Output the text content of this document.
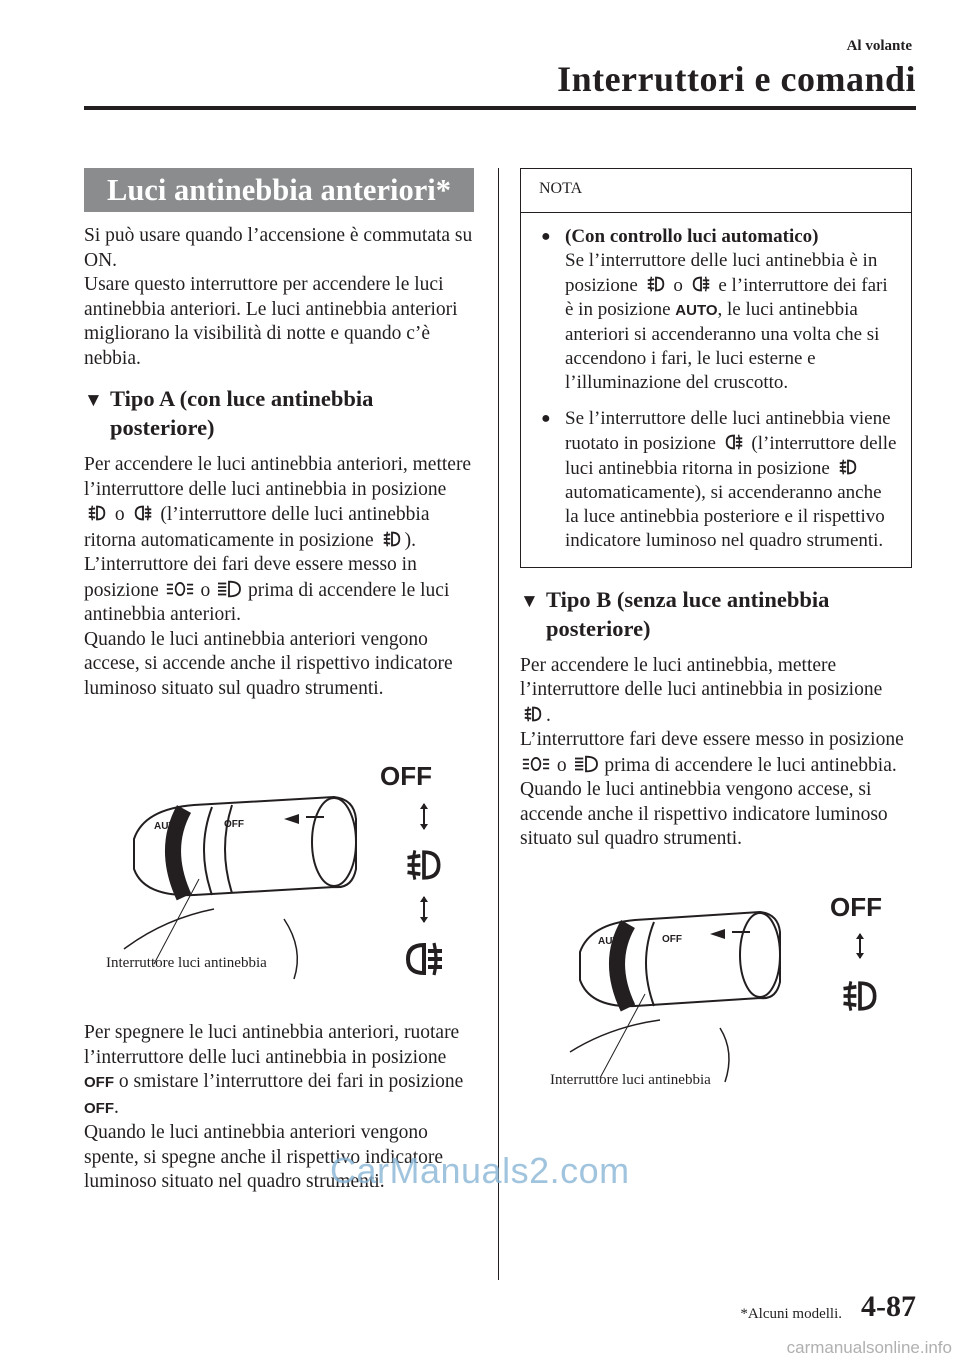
Al volante
Interruttori e comandi
Luci antinebbia anteriori*

Si può usare quando l’accensione è commutata su ON.
Usare questo interruttore per accendere le luci antinebbia anteriori. Le luci antinebbia anteriori migliorano la visibilità di notte e quando c’è nebbia.

▼ Tipo A (con luce antinebbia posteriore)

Per accendere le luci antinebbia anteriori, mettere l’interruttore delle luci antinebbia in posizione  o (l’interruttore delle luci antinebbia ritorna automaticamente in posizione ).

L’interruttore dei fari deve essere messo in posizione o prima di accendere le luci antinebbia anteriori.

Quando le luci antinebbia anteriori vengono accese, si accende anche il rispettivo indicatore luminoso situato sul quadro strumenti.

AUTO	OFF
OFF
Interruttore luci antinebbia

Per spegnere le luci antinebbia anteriori, ruotare l’interruttore delle luci antinebbia in posizione OFF o smistare l’interruttore dei fari in posizione OFF.

Quando le luci antinebbia anteriori vengono spente, si spegne anche il rispettivo indicatore luminoso situato nel quadro strumenti.

NOTA
● (Con controllo luci automatico)
Se l’interruttore delle luci antinebbia è in posizione o e l’interruttore dei fari è in posizione AUTO, le luci antinebbia anteriori si accenderanno una volta che si accendono i fari, le luci esterne e l’illuminazione del cruscotto.
● Se l’interruttore delle luci antinebbia viene ruotato in posizione (l’interruttore delle luci antinebbia ritorna in posizione  automaticamente), si accenderanno anche la luce antinebbia posteriore e il rispettivo indicatore luminoso nel quadro strumenti.
▼ Tipo B (senza luce antinebbia posteriore)

Per accendere le luci antinebbia, mettere l’interruttore delle luci antinebbia in posizione .

L’interruttore fari deve essere messo in posizione  o prima di accendere le luci antinebbia.

Quando le luci antinebbia vengono accese, si accende anche il rispettivo indicatore luminoso situato sul quadro strumenti.

AUTO	OFF
OFF
Interruttore luci antinebbia
*Alcuni modelli. 4-87
CarManuals2.com
carmanualsonline.info
